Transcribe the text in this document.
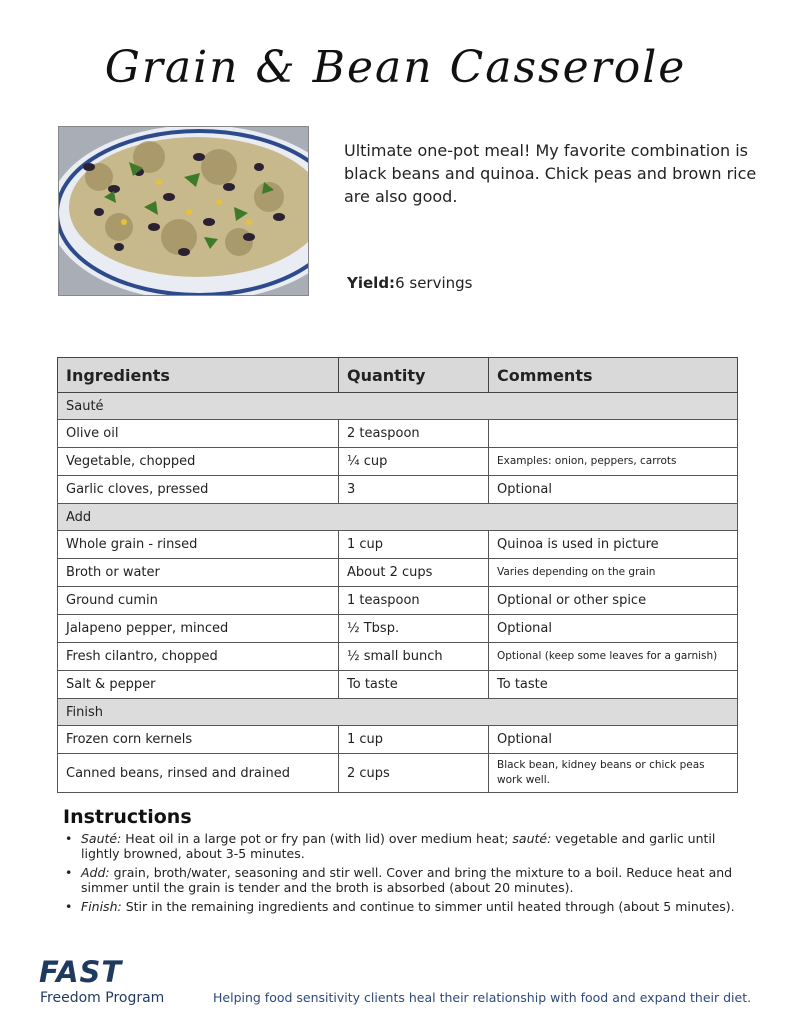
Grain & Bean Casserole
Ultimate one-pot meal! My favorite combination is black beans and quinoa. Chick peas and brown rice are also good.
Yield:6 servings
Ingredients	Quantity	Comments
Sauté		
Olive oil	2 teaspoon	
Vegetable, chopped	¼ cup	Examples: onion, peppers, carrots
Garlic cloves, pressed	3	Optional
Add		
Whole grain - rinsed	1 cup	Quinoa is used in picture
Broth or water	About 2 cups	Varies depending on the grain
Ground cumin	1 teaspoon	Optional or other spice
Jalapeno pepper, minced	½ Tbsp.	Optional
Fresh cilantro, chopped	½ small bunch	Optional (keep some leaves for a garnish)
Salt & pepper	To taste	To taste
Finish		
Frozen corn kernels	1 cup	Optional
Canned beans, rinsed and drained	2 cups	Black bean, kidney beans or chick peas work well.
Instructions
• Sauté: Heat oil in a large pot or fry pan (with lid) over medium heat; sauté: vegetable and garlic until lightly browned, about 3-5 minutes.
• Add: grain, broth/water, seasoning and stir well. Cover and bring the mixture to a boil. Reduce heat and simmer until the grain is tender and the broth is absorbed (about 20 minutes).
• Finish: Stir in the remaining ingredients and continue to simmer until heated through (about 5 minutes).
FAST
Freedom Program	Helping food sensitivity clients heal their relationship with food and expand their diet.
